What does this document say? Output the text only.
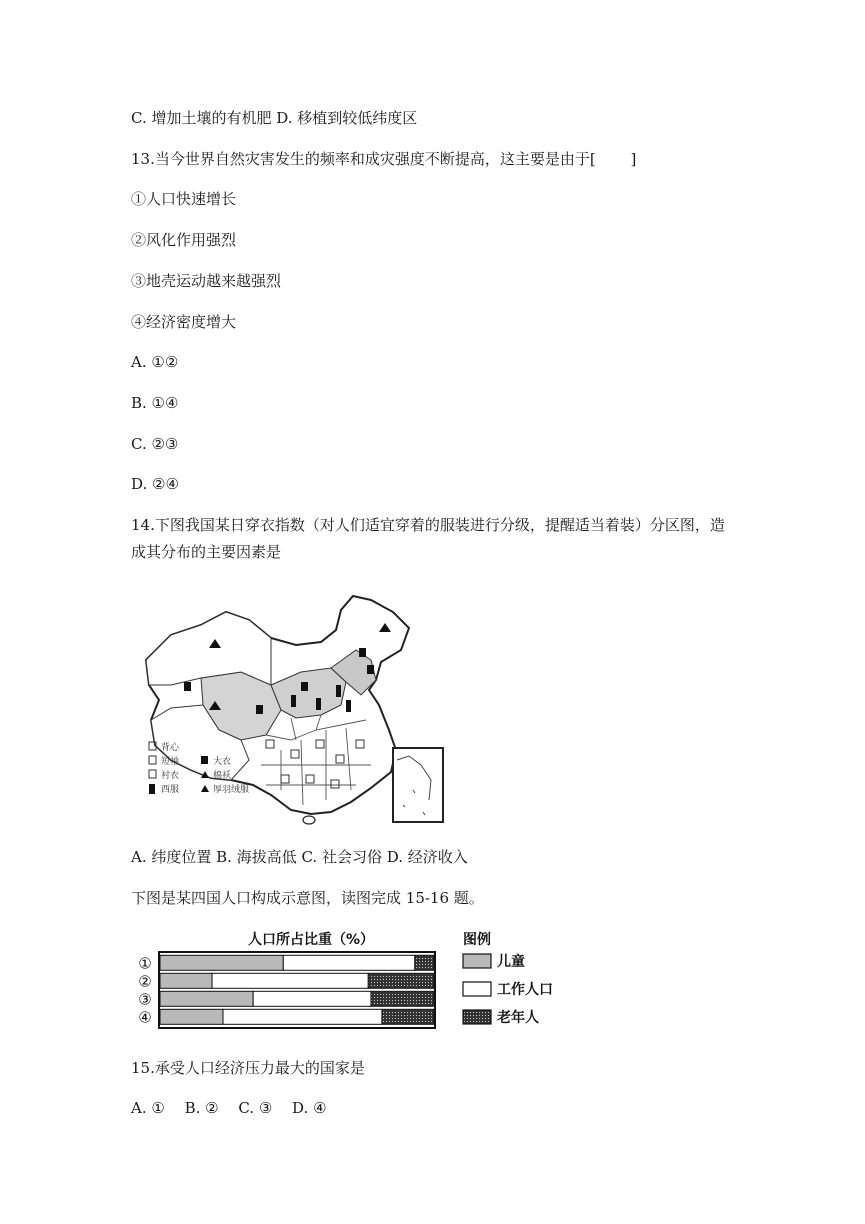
C. 增加土壤的有机肥 D. 移植到较低纬度区

13.当今世界自然灾害发生的频率和成灾强度不断提高，这主要是由于[　　 ]

①人口快速增长

②风化作用强烈

③地壳运动越来越强烈

④经济密度增大

A. ①②

B. ①④

C. ②③

D. ②④

14.下图我国某日穿衣指数（对人们适宜穿着的服装进行分级，提醒适当着装）分区图，造

成其分布的主要因素是

背心
短袖
衬衣
西服
大衣
棉袄
厚羽绒服

A. 纬度位置 B. 海拔高低 C. 社会习俗 D. 经济收入

下图是某四国人口构成示意图，读图完成 15-16 题。

人口所占比重（%）
①
②
③
④
图例
儿童
工作人口
老年人

15.承受人口经济压力最大的国家是

A. ①　 B. ②　 C. ③　 D. ④
